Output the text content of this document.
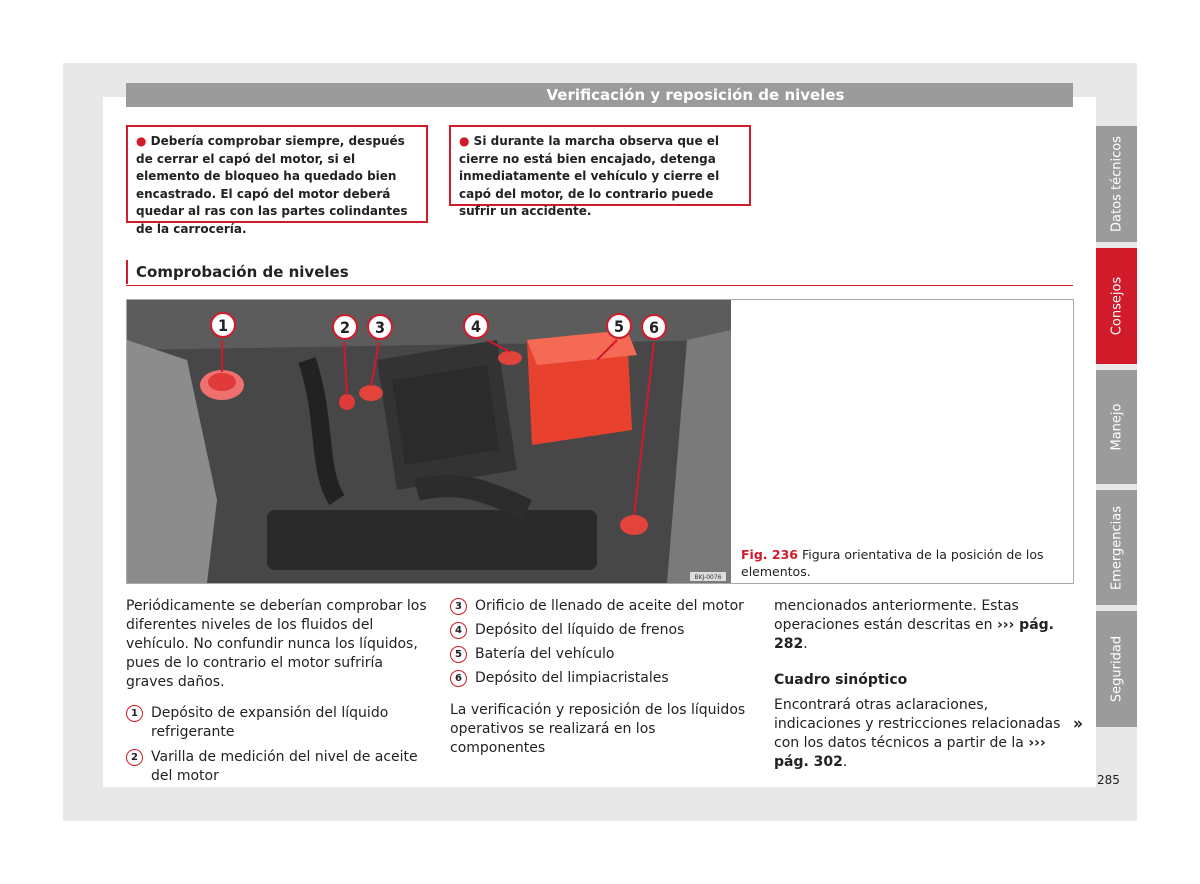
Verificación y reposición de niveles
● Debería comprobar siempre, después de cerrar el capó del motor, si el elemento de bloqueo ha quedado bien encastrado. El capó del motor deberá quedar al ras con las partes colindantes de la carrocería.
● Si durante la marcha observa que el cierre no está bien encajado, detenga inmediatamente el vehículo y cierre el capó del motor, de lo contrario puede sufrir un accidente.
Comprobación de niveles
BKJ-0076
1	2	3	4	5	6
Fig. 236 Figura orientativa de la posición de los elementos.

Periódicamente se deberían comprobar los diferentes niveles de los fluidos del vehículo. No confundir nunca los líquidos, pues de lo contrario el motor sufriría graves daños.

1 Depósito de expansión del líquido refrigerante

2 Varilla de medición del nivel de aceite del motor

3 Orificio de llenado de aceite del motor

4 Depósito del líquido de frenos

5 Batería del vehículo

6 Depósito del limpiacristales

La verificación y reposición de los líquidos operativos se realizará en los componentes

mencionados anteriormente. Estas operaciones están descritas en ››› pág. 282.

Cuadro sinóptico

Encontrará otras aclaraciones, indicaciones y restricciones relacionadas con los datos técnicos a partir de la ››› pág. 302.

»
Datos técnicos
Consejos
Manejo
Emergencias
Seguridad
285
